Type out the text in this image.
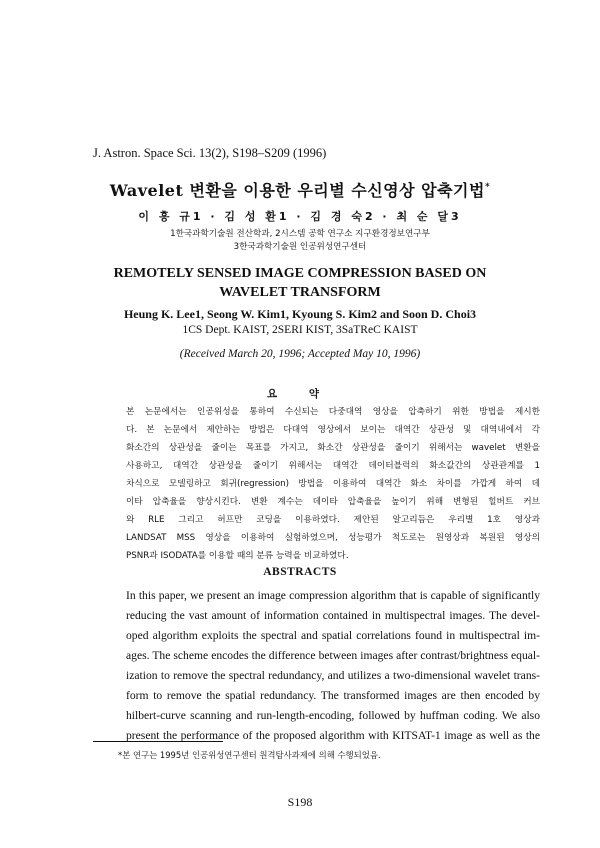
J. Astron. Space Sci. 13(2), S198–S209 (1996)
Wavelet 변환을 이용한 우리별 수신영상 압축기법*
이 흥 규1 · 김 성 환1 · 김 경 숙2 · 최 순 달3
1한국과학기술원 전산학과, 2시스템 공학 연구소 지구환경정보연구부
3한국과학기술원 인공위성연구센터
REMOTELY SENSED IMAGE COMPRESSION BASED ON
WAVELET TRANSFORM
Heung K. Lee1, Seong W. Kim1, Kyoung S. Kim2 and Soon D. Choi3
1CS Dept. KAIST, 2SERI KIST, 3SaTReC KAIST
(Received March 20, 1996; Accepted May 10, 1996)
요 약
본 논문에서는 인공위성을 통하여 수신되는 다중대역 영상을 압축하기 위한 방법을 제시한
다. 본 논문에서 제안하는 방법은 다대역 영상에서 보이는 대역간 상관성 및 대역내에서 각
화소간의 상관성을 줄이는 목표를 가지고, 화소간 상관성을 줄이기 위해서는 wavelet 변환을
사용하고, 대역간 상관성을 줄이기 위해서는 대역간 데이터블럭의 화소값간의 상관관계를 1
차식으로 모델링하고 회귀(regression) 방법을 이용하여 대역간 화소 차이를 가깝게 하여 데
이타 압축율을 향상시킨다. 변환 계수는 데이타 압축율을 높이기 위해 변형된 힐버트 커브
와 RLE 그리고 허프만 코딩을 이용하였다. 제안된 알고리듬은 우리별 1호 영상과
LANDSAT MSS 영상을 이용하여 실험하였으며, 성능평가 척도로는 원영상과 복원된 영상의
PSNR과 ISODATA를 이용할 때의 분류 능력을 비교하였다.
ABSTRACTS
In this paper, we present an image compression algorithm that is capable of significantly
reducing the vast amount of information contained in multispectral images. The devel-
oped algorithm exploits the spectral and spatial correlations found in multispectral im-
ages. The scheme encodes the difference between images after contrast/brightness equal-
ization to remove the spectral redundancy, and utilizes a two-dimensional wavelet trans-
form to remove the spatial redundancy. The transformed images are then encoded by
hilbert-curve scanning and run-length-encoding, followed by huffman coding. We also
present the performance of the proposed algorithm with KITSAT-1 image as well as the
*본 연구는 1995년 인공위성연구센터 원격탐사과제에 의해 수행되었음.
S198
